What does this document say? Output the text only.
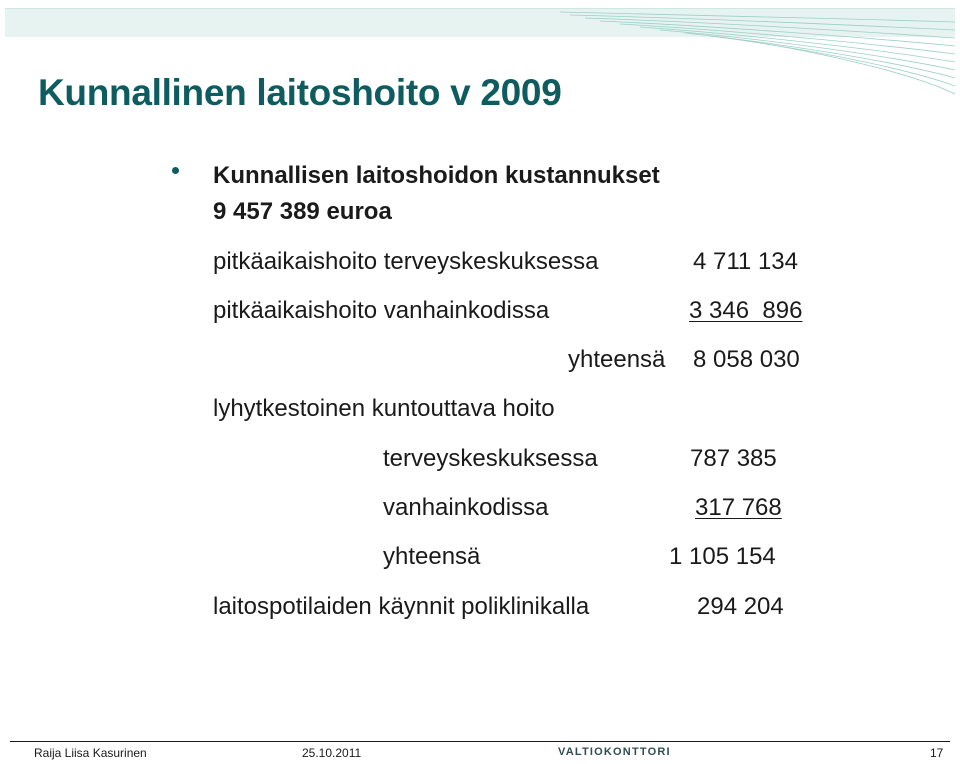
Kunnallinen laitoshoito v 2009
Kunnallisen laitoshoidon kustannukset
9 457 389 euroa
pitkäaikaishoito terveyskeskuksessa	4 711 134
pitkäaikaishoito vanhainkodissa	3 346  896
yhteensä 8 058 030
lyhytkestoinen kuntouttava hoito
terveyskeskuksessa	787 385
vanhainkodissa	317 768
yhteensä	1 105 154
laitospotilaiden käynnit poliklinikalla	294 204
Raija Liisa Kasurinen	25.10.2011	VALTIOKONTTORI	17
